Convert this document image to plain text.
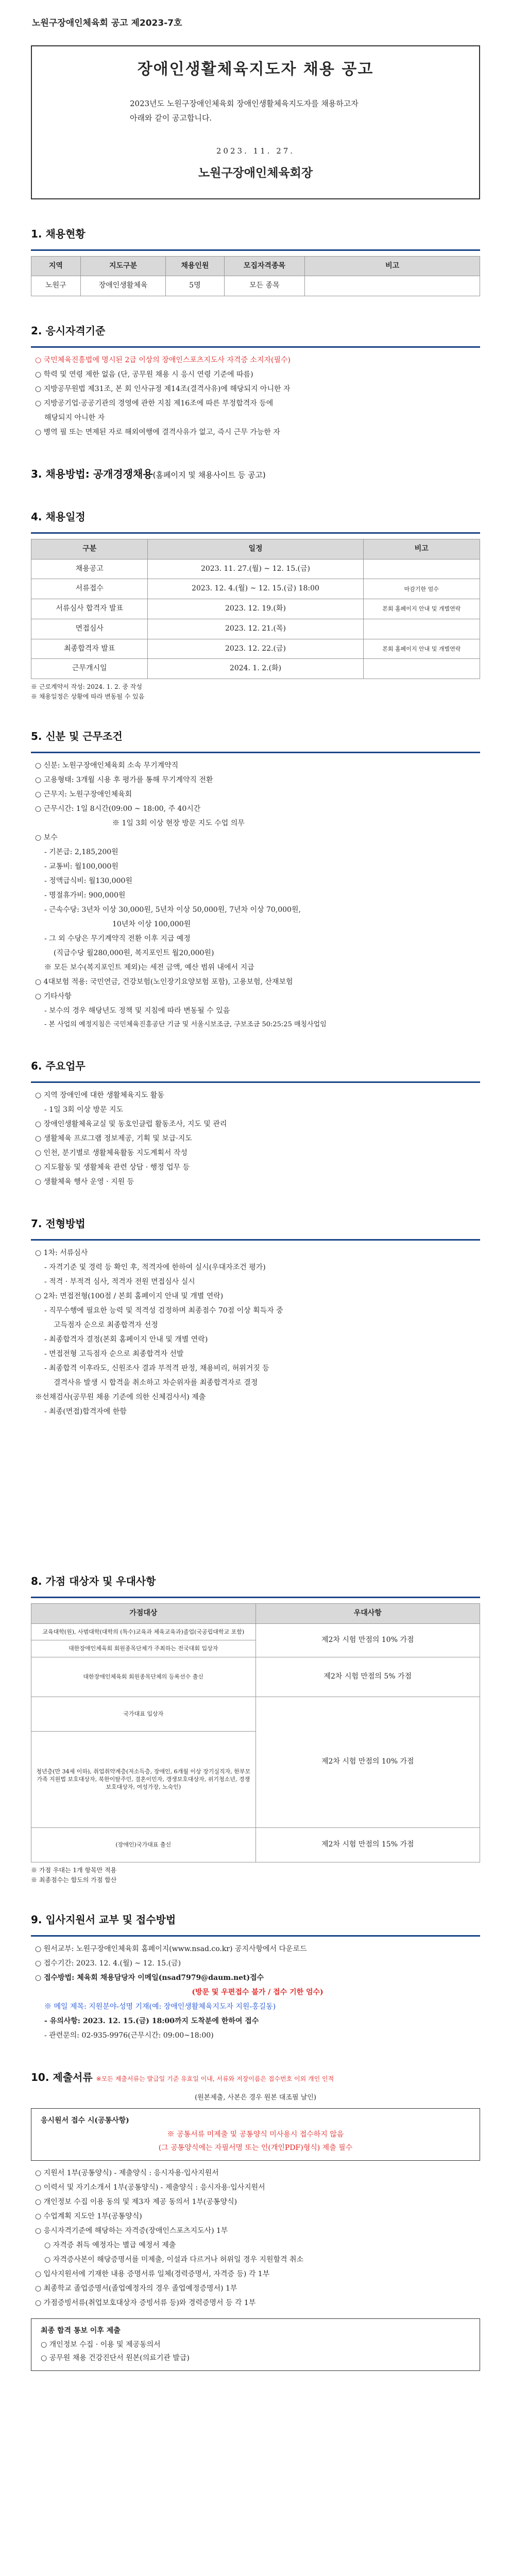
노원구장애인체육회 공고 제2023-7호
장애인생활체육지도자 채용 공고
2023년도 노원구장애인체육회 장애인생활체육지도자를 채용하고자 아래와 같이 공고합니다.
2023. 11. 27.
노원구장애인체육회장
1. 채용현황
지역	지도구분	채용인원	모집자격종목	비고
노원구	장애인생활체육	5명	모든 종목	
2. 응시자격기준
○ 국민체육진흥법에 명시된 2급 이상의 장애인스포츠지도사 자격증 소지자(필수)
○ 학력 및 연령 제한 없음 (단, 공무원 채용 시 응시 연령 기준에 따름)
○ 지방공무원법 제31조, 본 회 인사규정 제14조(결격사유)에 해당되지 아니한 자
○ 지방공기업·공공기관의 경영에 관한 지침 제16조에 따른 부정합격자 등에
해당되지 아니한 자
○ 병역 필 또는 면제된 자로 해외여행에 결격사유가 없고, 즉시 근무 가능한 자
3. 채용방법: 공개경쟁채용(홈페이지 및 채용사이트 등 공고)
4. 채용일정
구분	일정	비고
채용공고	2023. 11. 27.(월) ~ 12. 15.(금)	
서류접수	2023. 12. 4.(월) ~ 12. 15.(금) 18:00	마감기한 엄수
서류심사 합격자 발표	2023. 12. 19.(화)	본회 홈페이지 안내 및 개별연락
면접심사	2023. 12. 21.(목)	
최종합격자 발표	2023. 12. 22.(금)	본회 홈페이지 안내 및 개별연락
근무개시일	2024. 1. 2.(화)	
※ 근로계약서 작성: 2024. 1. 2. 중 작성
※ 채용일정은 상황에 따라 변동될 수 있음
5. 신분 및 근무조건
○ 신분: 노원구장애인체육회 소속 무기계약직
○ 고용형태: 3개월 시용 후 평가를 통해 무기계약직 전환
○ 근무지: 노원구장애인체육회
○ 근무시간: 1일 8시간(09:00 ~ 18:00, 주 40시간
※ 1일 3회 이상 현장 방문 지도 수업 의무
○ 보수
- 기본급: 2,185,200원
- 교통비: 월100,000원
- 정액급식비: 월130,000원
- 명절휴가비: 900,000원
- 근속수당: 3년차 이상 30,000원, 5년차 이상 50,000원, 7년차 이상 70,000원,
10년차 이상 100,000원
- 그 외 수당은 무기계약직 전환 이후 지급 예정
(직급수당 월280,000원, 복지포인트 월20,000원)
※ 모든 보수(복지포인트 제외)는 세전 금액, 예산 범위 내에서 지급
○ 4대보험 적용: 국민연금, 건강보험(노인장기요양보험 포함), 고용보험, 산재보험
○ 기타사항
- 보수의 경우 해당년도 정책 및 지침에 따라 변동될 수 있음
- 본 사업의 예정지침은 국민체육진흥공단 기금 및 서울시보조금, 구보조금 50:25:25 매칭사업임
6. 주요업무
○ 지역 장애인에 대한 생활체육지도 활동
- 1일 3회 이상 방문 지도
○ 장애인생활체육교실 및 동호인클럽 활동조사, 지도 및 관리
○ 생활체육 프로그램 정보제공, 기획 및 보급·지도
○ 인천, 분기별로 생활체육활동 지도계획서 작성
○ 지도활동 및 생활체육 관련 상담 · 행정 업무 등
○ 생활체육 행사 운영 · 지원 등
7. 전형방법
○ 1차: 서류심사
- 자격기준 및 경력 등 확인 후, 적격자에 한하여 실시(우대자조건 평가)
- 적격 · 부적격 심사, 적격자 전원 면접심사 실시
○ 2차: 면접전형(100점 / 본회 홈페이지 안내 및 개별 연락)
- 직무수행에 필요한 능력 및 적격성 검정하며 최종점수 70점 이상 획득자 중
고득점자 순으로 최종합격자 선정
- 최종합격자 결정(본회 홈페이지 안내 및 개별 연락)
- 면접전형 고득점자 순으로 최종합격자 선발
- 최종합격 이후라도, 신원조사 결과 부적격 판정, 채용비리, 허위거짓 등
결격사유 발생 시 합격을 취소하고 차순위자를 최종합격자로 결정
※선채검사(공무원 채용 기준에 의한 신체검사서) 제출
- 최종(면접)합격자에 한함
8. 가점 대상자 및 우대사항
가점대상	우대사항
교육대학(원), 사범대학(대학의 (특수)교육과 체육교육과)졸업(국공립대학교 포함)	제2차 시험 만점의 10% 가점
대한장애인체육회 회원종목단체가 주최하는 전국대회 입상자	
대한장애인체육회 회원종목단체의 등록선수 출신	제2차 시험 만점의 5% 가점
국가대표 입상자	제2차 시험 만점의 10% 가점
청년층(만 34세 이하), 취업취약계층(저소득층, 장애인, 6개월 이상 장기실직자, 한부모가족 지원법 보호대상자, 북한이탈주민, 결혼이민자, 갱생보호대상자, 위기청소년, 경쟁보호대상자, 여성가장, 노숙인)	
(장애인)국가대표 출신	제2차 시험 만점의 15% 가점
※ 가점 우대는 1개 항목만 적용
※ 최종점수는 합도의 가점 합산
9. 입사지원서 교부 및 접수방법
○ 원서교부: 노원구장애인체육회 홈페이지(www.nsad.co.kr) 공지사항에서 다운로드
○ 접수기간: 2023. 12. 4.(월) ~ 12. 15.(금)
○ 접수방법: 체육회 채용담당자 이메일(nsad7979@daum.net)접수
(방문 및 우편접수 불가 / 접수 기한 엄수)
※ 메일 제목: 지원분야-성명 기재(예: 장애인생활체육지도자 지원-홍길동)
- 유의사항: 2023. 12. 15.(금) 18:00까지 도착분에 한하여 접수
- 관련문의: 02-935-9976(근무시간: 09:00~18:00)
10. 제출서류 ※모든 제출서류는 발급일 기준 유효일 이내, 서류와 저장이름은 접수번호 이외 개인 인적
(원본제출, 사본은 경우 원본 대조필 날인)
응시원서 접수 시(공통사항)
※ 공통서류 미제출 및 공통양식 미사용시 접수하지 않음
(그 공통양식에는 자필서명 또는 인(개인PDF)형식) 제출 필수
○ 지원서 1부(공통양식) - 제출양식 : 응시자용·입사지원서
○ 이력서 및 자기소개서 1부(공통양식) - 제출양식 : 응시자용·입사지원서
○ 개인정보 수집 이용 동의 및 제3자 제공 동의서 1부(공통양식)
○ 수업계획 지도안 1부(공통양식)
○ 응시자격기준에 해당하는 자격증(장애인스포츠지도사) 1부
○ 자격증 취득 예정자는 별급 예정서 제출
○ 자격증사본이 해당증명서를 미제출, 이설과 다르거나 허위일 경우 지원할격 취소
○ 입사지원서에 기재한 내용 증명서류 일체(경력증명서, 자격증 등) 각 1부
○ 최종학교 졸업증명서(졸업예정자의 경우 졸업예정증명서) 1부
○ 가점증빙서류(취업보호대상자 증빙서류 등)와 경력증명서 등 각 1부
최종 합격 통보 이후 제출
○ 개인정보 수집 · 이용 및 제공동의서
○ 공무원 채용 건강진단서 원본(의료기관 발급)
